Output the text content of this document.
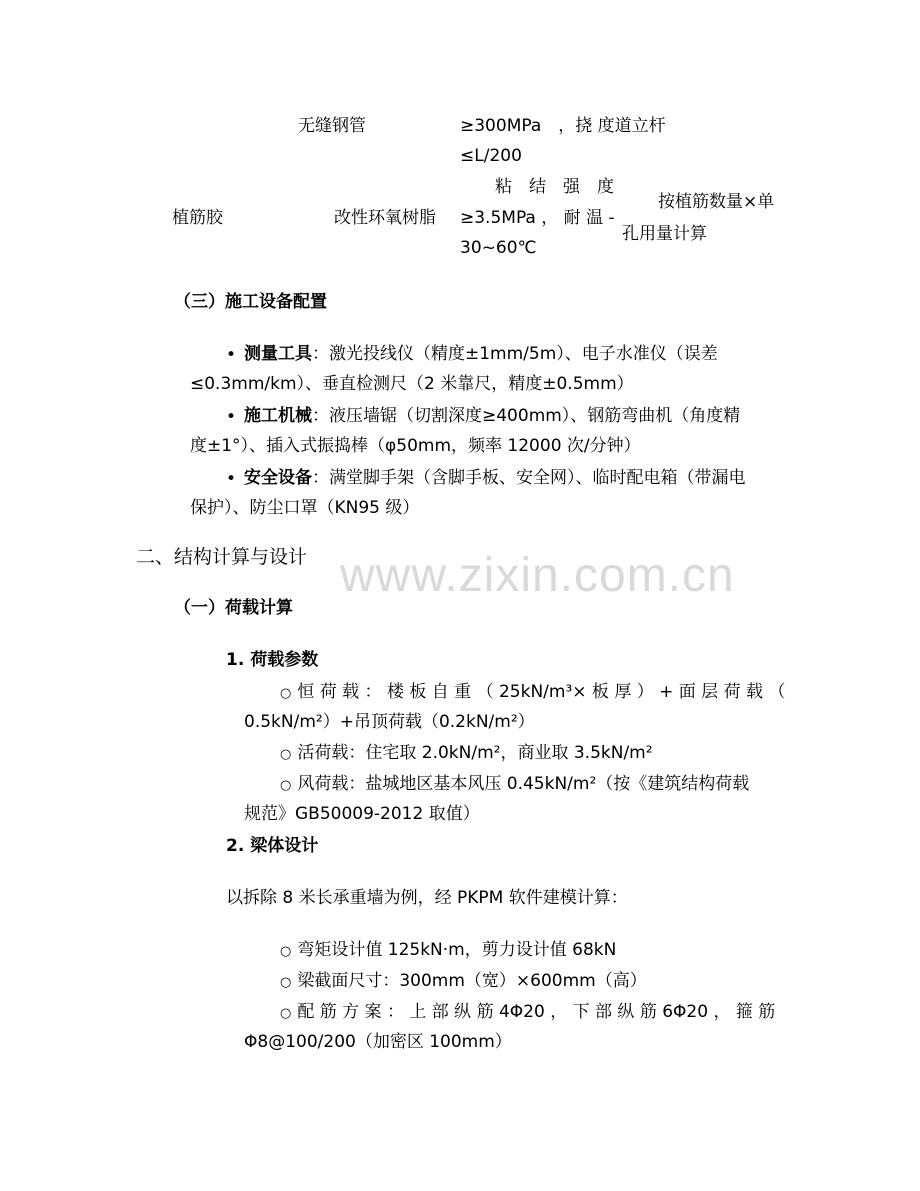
无缝钢管	≥300MPa　，挠 度道立杆
≤L/200
植筋胶	改性环氧树脂
粘　结　强　度
≥3.5MPa ， 耐 温 -
30~60℃
按植筋数量×单
孔用量计算
（三）施工设备配置
• 测量工具：激光投线仪（精度±1mm/5m）、电子水准仪（误差
≤0.3mm/km）、垂直检测尺（2 米靠尺，精度±0.5mm）
• 施工机械：液压墙锯（切割深度≥400mm）、钢筋弯曲机（角度精
度±1°）、插入式振捣棒（φ50mm，频率 12000 次/分钟）
• 安全设备：满堂脚手架（含脚手板、安全网）、临时配电箱（带漏电
保护）、防尘口罩（KN95 级）
www.zixin.com.cn
二、结构计算与设计
（一）荷载计算
1. 荷载参数
○ 恒 荷 载 ： 楼 板 自 重 （ 25kN/m³× 板 厚 ） + 面 层 荷 载 （
0.5kN/m²）+吊顶荷载（0.2kN/m²）
○ 活荷载：住宅取 2.0kN/m²，商业取 3.5kN/m²
○ 风荷载：盐城地区基本风压 0.45kN/m²（按《建筑结构荷载
规范》GB50009-2012 取值）
2. 梁体设计
以拆除 8 米长承重墙为例，经 PKPM 软件建模计算：
○ 弯矩设计值 125kN·m，剪力设计值 68kN
○ 梁截面尺寸：300mm（宽）×600mm（高）
○ 配 筋 方 案 ： 上 部 纵 筋 4Φ20 ， 下 部 纵 筋 6Φ20 ， 箍 筋
Φ8@100/200（加密区 100mm）
